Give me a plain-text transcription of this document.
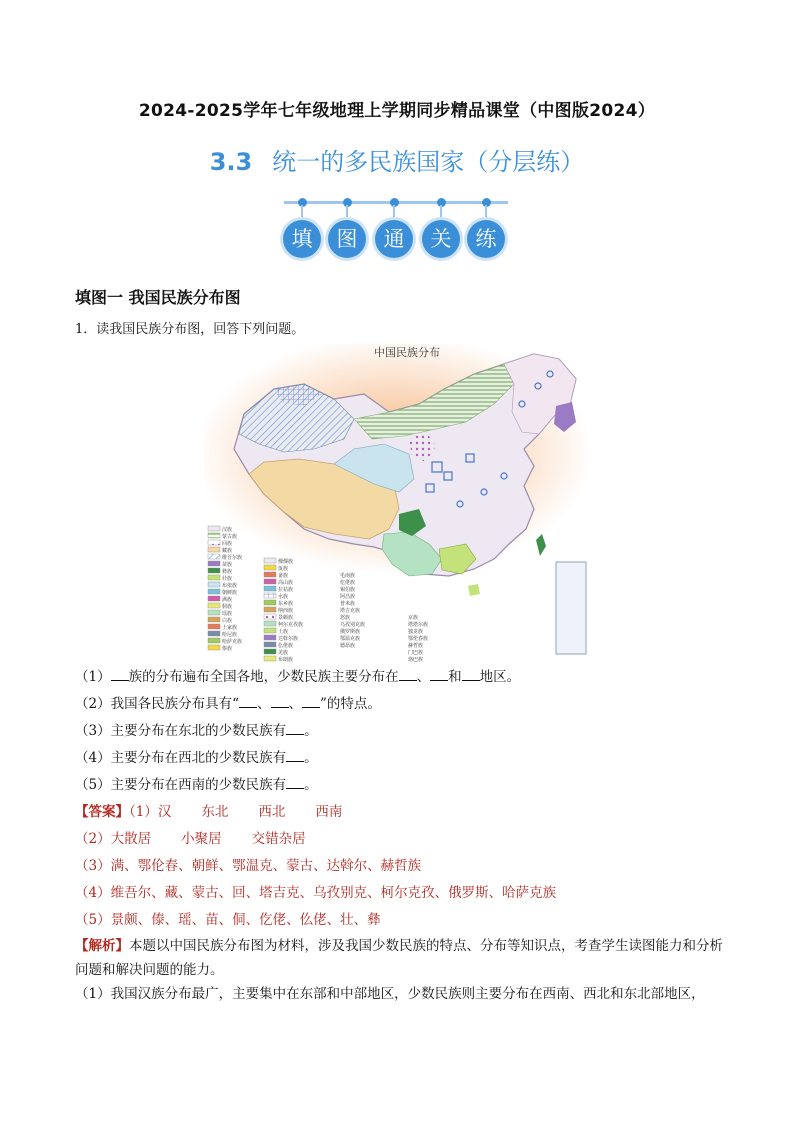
2024-2025学年七年级地理上学期同步精品课堂（中图版2024）
3.3 统一的多民族国家（分层练）
填	图	通	关	练
填图一 我国民族分布图
1．读我国民族分布图，回答下列问题。
中国民族分布
汉族
蒙古族
回族
藏族
维吾尔族
苗族
彝族
壮族
布依族
朝鲜族
满族
侗族
瑶族
白族
土家族
哈尼族
哈萨克族
傣族
傈僳族
佤族
畲族
高山族
拉祜族
水族
东乡族
纳西族
景颇族
柯尔克孜族
土族
达斡尔族
仫佬族
羌族
布朗族
毛南族
仡佬族
锡伯族
阿昌族
普米族
塔吉克族
怒族
乌孜别克族
俄罗斯族
鄂温克族
德昂族
京族
塔塔尔族
独龙族
鄂伦春族
赫哲族
门巴族
珞巴族
（1） 族的分布遍布全国各地，少数民族主要分布在 、 和 地区。
（2）我国各民族分布具有“ 、 、 ”的特点。
（3）主要分布在东北的少数民族有 。
（4）主要分布在西北的少数民族有 。
（5）主要分布在西南的少数民族有 。
【答案】（1）汉 东北 西北 西南
（2）大散居 小聚居 交错杂居
（3）满、鄂伦春、朝鲜、鄂温克、蒙古、达斡尔、赫哲族
（4）维吾尔、藏、蒙古、回、塔吉克、乌孜别克、柯尔克孜、俄罗斯、哈萨克族
（5）景颇、傣、瑶、苗、侗、仡佬、仫佬、壮、彝
【解析】本题以中国民族分布图为材料，涉及我国少数民族的特点、分布等知识点，考查学生读图能力和分析问题和解决问题的能力。
（1）我国汉族分布最广，主要集中在东部和中部地区，少数民族则主要分布在西南、西北和东北部地区，
